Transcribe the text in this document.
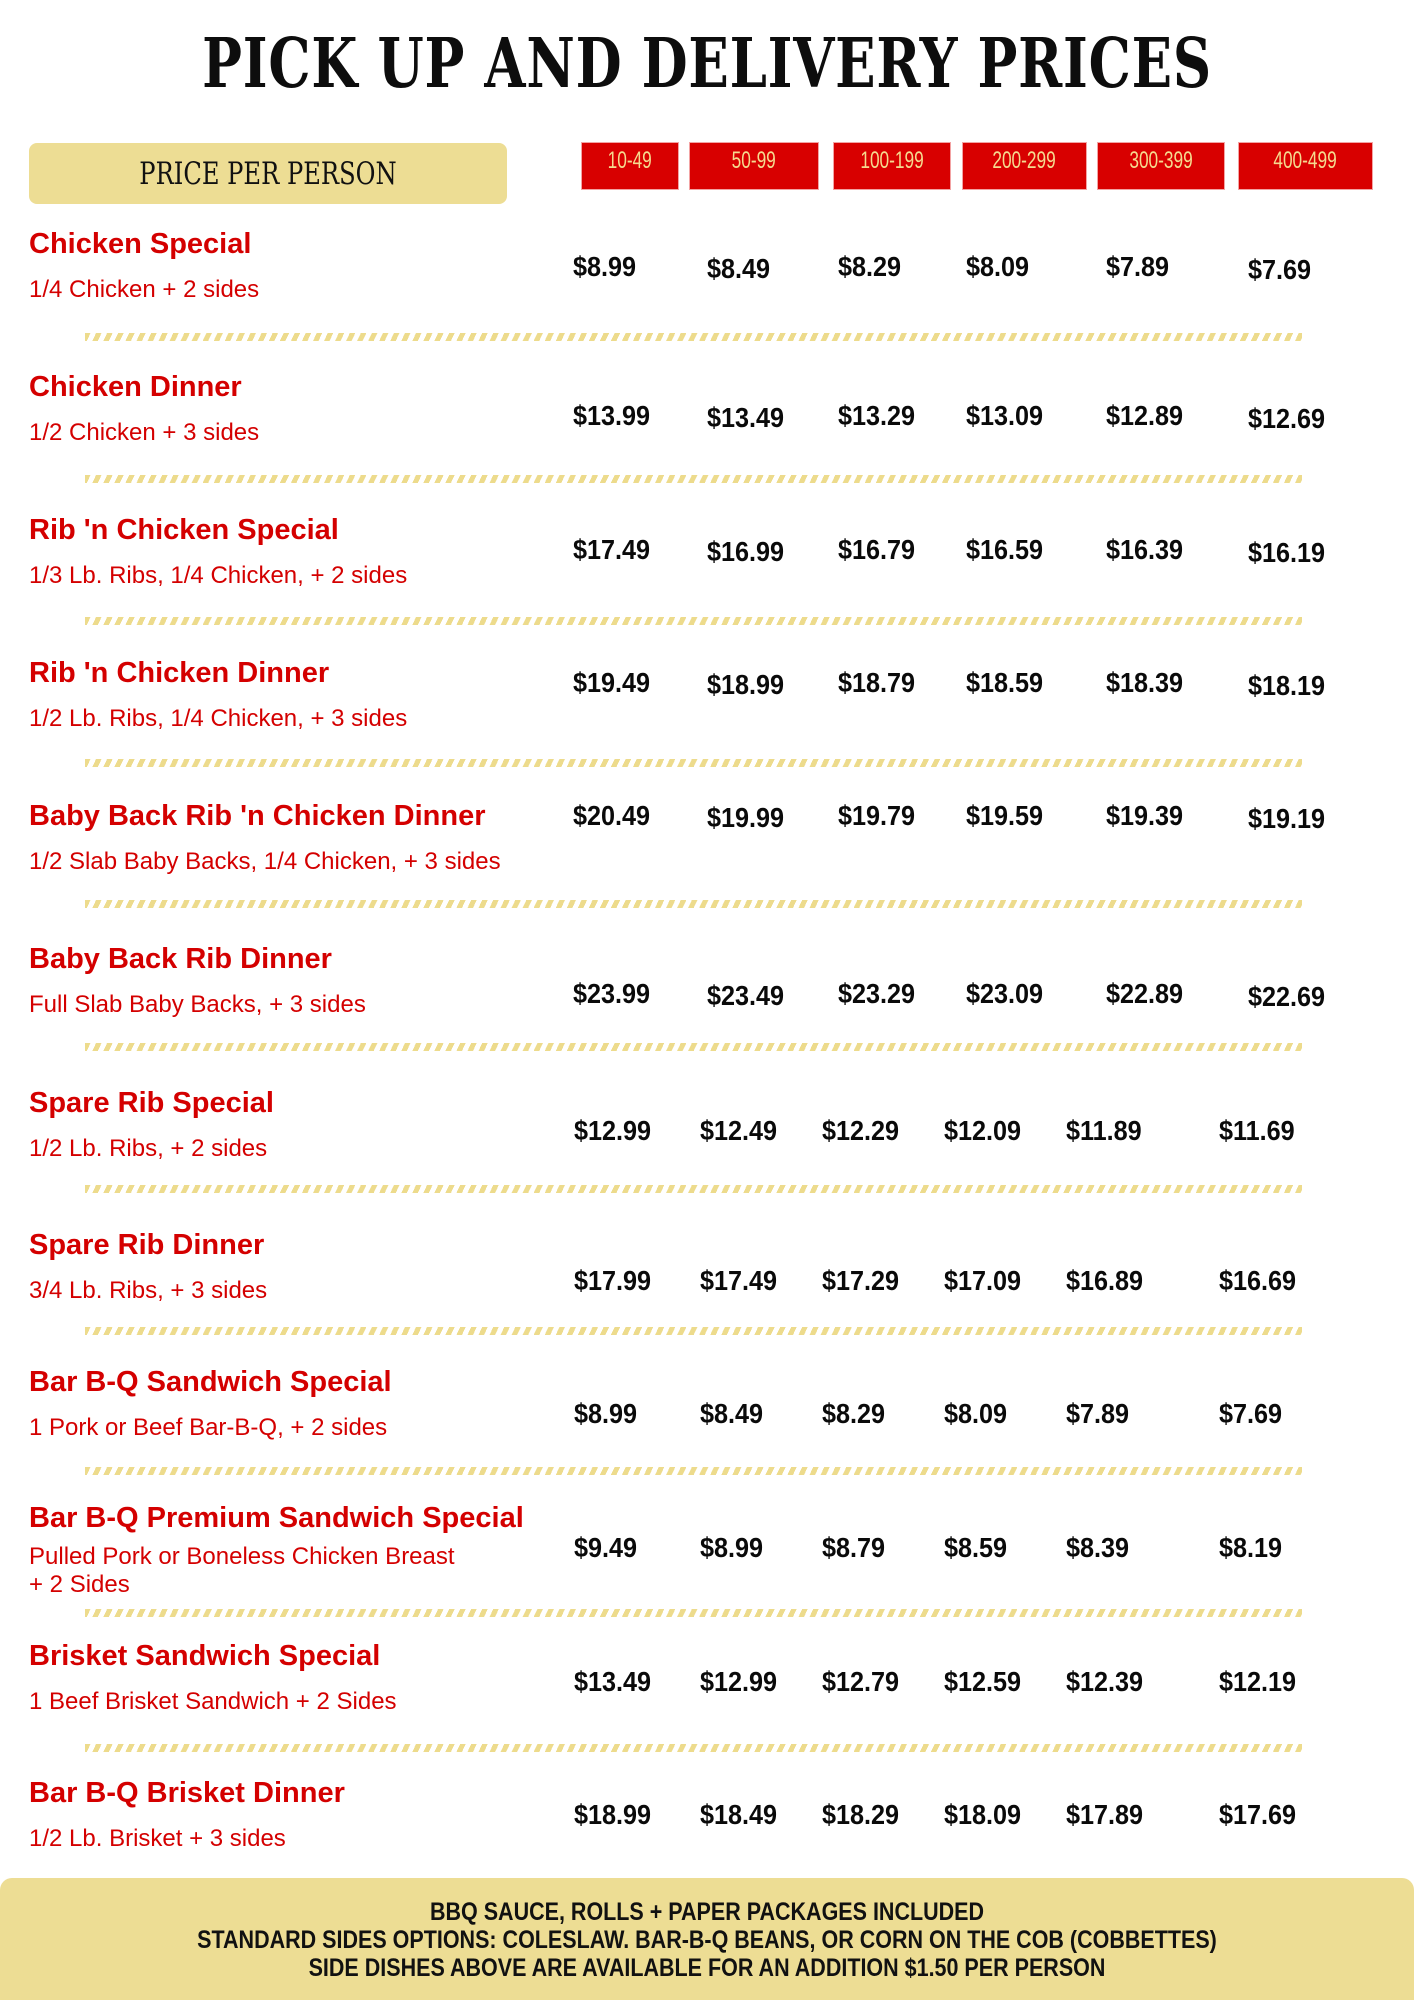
PICK UP AND DELIVERY PRICES
PRICE PER PERSON	10-49	50-99	100-199	200-299	300-399	400-499
Chicken Special
1/4 Chicken + 2 sides
$8.99	$8.49 $8.29 $8.09	$7.89	$7.69
Chicken Dinner
1/2 Chicken + 3 sides
$13.99 $13.49 $13.29 $13.09 $12.89 $12.69
Rib 'n Chicken Special
1/3 Lb. Ribs, 1/4 Chicken, + 2 sides
$17.49 $16.99 $16.79 $16.59 $16.39 $16.19
Rib 'n Chicken Dinner
1/2 Lb. Ribs, 1/4 Chicken, + 3 sides
$19.49 $18.99 $18.79 $18.59 $18.39 $18.19
Baby Back Rib 'n Chicken Dinner
1/2 Slab Baby Backs, 1/4 Chicken, + 3 sides
$20.49 $19.99 $19.79 $19.59 $19.39 $19.19
Baby Back Rib Dinner
Full Slab Baby Backs, + 3 sides	$23.99 $23.49 $23.29 $23.09 $22.89 $22.69
Spare Rib Special
1/2 Lb. Ribs, + 2 sides
$12.99 $12.49 $12.29 $12.09 $11.89	$11.69
Spare Rib Dinner
3/4 Lb. Ribs, + 3 sides	$17.99 $17.49 $17.29 $17.09 $16.89	$16.69
Bar B-Q Sandwich Special
1 Pork or Beef Bar-B-Q, + 2 sides	$8.99 $8.49 $8.29 $8.09 $7.89	$7.69
Bar B-Q Premium Sandwich Special
Pulled Pork or Boneless Chicken Breast
+ 2 Sides
$9.49 $8.99 $8.79 $8.59 $8.39	$8.19
Brisket Sandwich Special
1 Beef Brisket Sandwich + 2 Sides
$13.49 $12.99 $12.79 $12.59 $12.39	$12.19
Bar B-Q Brisket Dinner
1/2 Lb. Brisket + 3 sides
$18.99 $18.49 $18.29 $18.09 $17.89	$17.69
BBQ SAUCE, ROLLS + PAPER PACKAGES INCLUDED
STANDARD SIDES OPTIONS: COLESLAW. BAR-B-Q BEANS, OR CORN ON THE COB (COBBETTES)
SIDE DISHES ABOVE ARE AVAILABLE FOR AN ADDITION $1.50 PER PERSON
